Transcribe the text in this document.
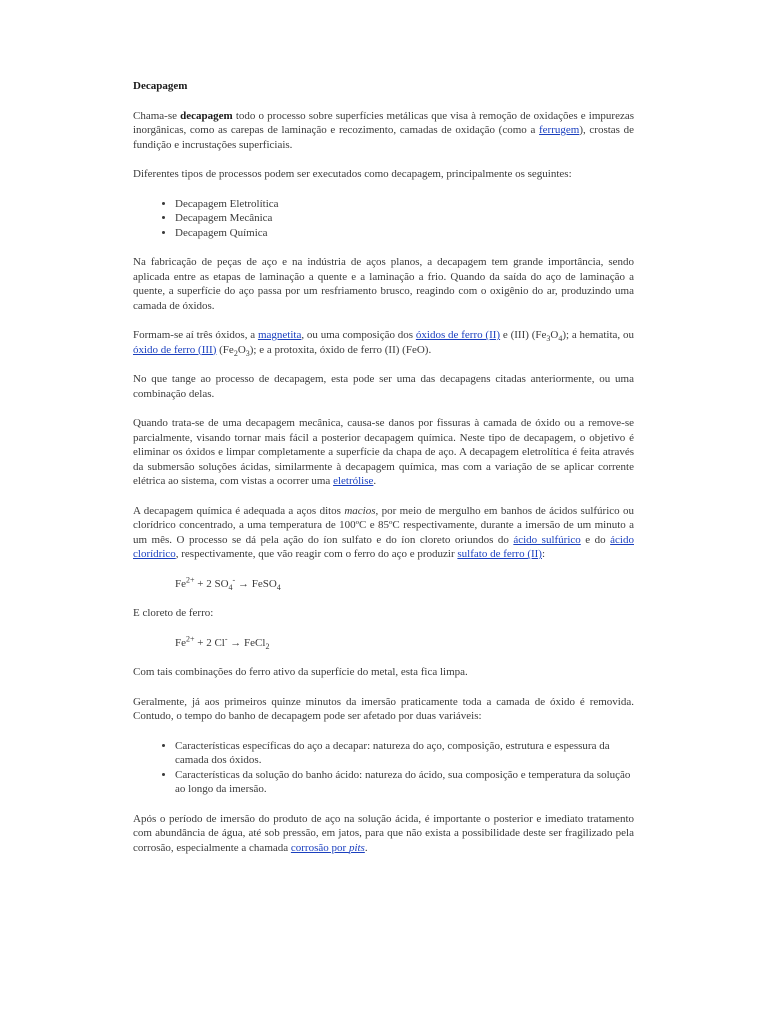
Decapagem

Chama-se decapagem todo o processo sobre superfícies metálicas que visa à remoção de oxidações e impurezas inorgânicas, como as carepas de laminação e recozimento, camadas de oxidação (como a ferrugem), crostas de fundição e incrustações superficiais.

Diferentes tipos de processos podem ser executados como decapagem, principalmente os seguintes:

• Decapagem Eletrolítica
• Decapagem Mecânica
• Decapagem Química

Na fabricação de peças de aço e na indústria de aços planos, a decapagem tem grande importância, sendo aplicada entre as etapas de laminação a quente e a laminação a frio. Quando da saída do aço de laminação a quente, a superfície do aço passa por um resfriamento brusco, reagindo com o oxigênio do ar, produzindo uma camada de óxidos.

Formam-se aí três óxidos, a magnetita, ou uma composição dos óxidos de ferro (II) e (III) $(Fe_3O_4)$; a hematita, ou óxido de ferro (III) $(Fe_2O_3)$; e a protoxita, óxido de ferro (II) (FeO).

No que tange ao processo de decapagem, esta pode ser uma das decapagens citadas anteriormente, ou uma combinação delas.

Quando trata-se de uma decapagem mecânica, causa-se danos por fissuras à camada de óxido ou a remove-se parcialmente, visando tornar mais fácil a posterior decapagem química. Neste tipo de decapagem, o objetivo é eliminar os óxidos e limpar completamente a superfície da chapa de aço. A decapagem eletrolítica é feita através da submersão soluções ácidas, similarmente à decapagem química, mas com a variação de se aplicar corrente elétrica ao sistema, com vistas a ocorrer uma eletrólise.

A decapagem química é adequada a aços ditos macios, por meio de mergulho em banhos de ácidos sulfúrico ou clorídrico concentrado, a uma temperatura de 100ºC e 85ºC respectivamente, durante a imersão de um minuto a um mês. O processo se dá pela ação do íon sulfato e do íon cloreto oriundos do ácido sulfúrico e do ácido clorídrico, respectivamente, que vão reagir com o ferro do aço e produzir sulfato de ferro (II):

$Fe^{2+} + 2$ $SO_4^-$ → FeSO$_4$

E cloreto de ferro:

$Fe^{2+} + 2$ Cl- → FeCl$_2$

Com tais combinações do ferro ativo da superfície do metal, esta fica limpa.

Geralmente, já aos primeiros quinze minutos da imersão praticamente toda a camada de óxido é removida. Contudo, o tempo do banho de decapagem pode ser afetado por duas variáveis:

• Características específicas do aço a decapar: natureza do aço, composição, estrutura e espessura da camada dos óxidos.
• Características da solução do banho ácido: natureza do ácido, sua composição e temperatura da solução ao longo da imersão.

Após o período de imersão do produto de aço na solução ácida, é importante o posterior e imediato tratamento com abundância de água, até sob pressão, em jatos, para que não exista a possibilidade deste ser fragilizado pela corrosão, especialmente a chamada corrosão por pits.
